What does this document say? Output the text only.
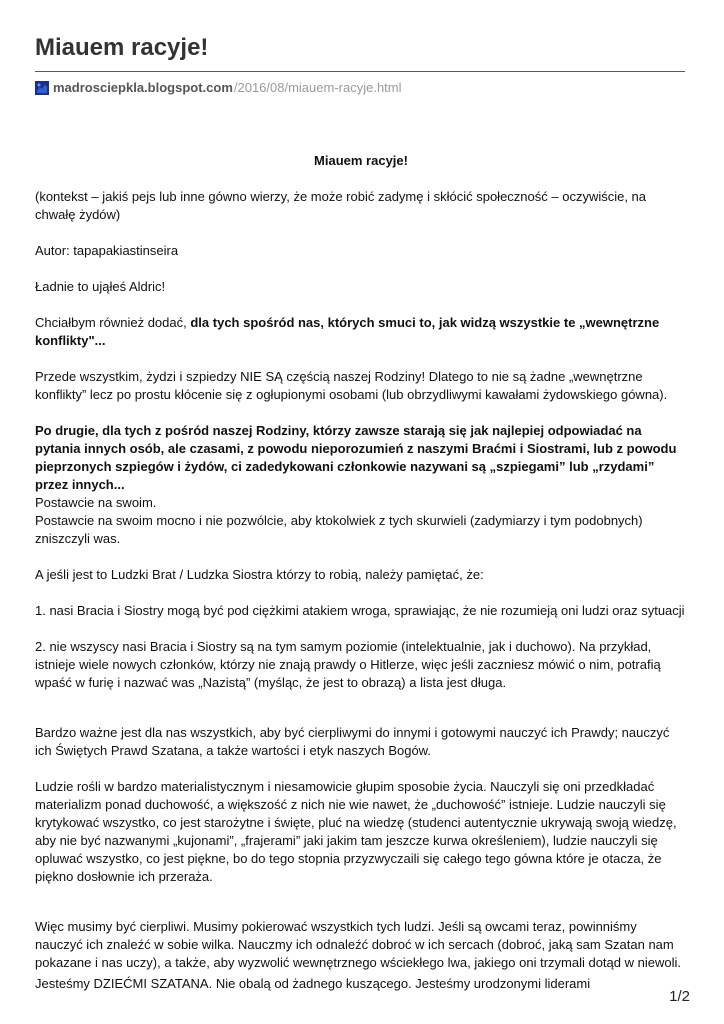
Miauem racyje!
madrosciepkla.blogspot.com /2016/08/miauem-racyje.html

Miauem racyje!

(kontekst – jakiś pejs lub inne gówno wierzy, że może robić zadymę i skłócić społeczność – oczywiście, na chwałę żydów)

Autor: tapapakiastinseira

Ładnie to ująłeś Aldric!

Chciałbym również dodać, dla tych spośród nas, których smuci to, jak widzą wszystkie te „wewnętrzne konflikty"...

Przede wszystkim, żydzi i szpiedzy NIE SĄ częścią naszej Rodziny! Dlatego to nie są żadne „wewnętrzne konflikty” lecz po prostu kłócenie się z ogłupionymi osobami (lub obrzydliwymi kawałami żydowskiego gówna).

Po drugie, dla tych z pośród naszej Rodziny, którzy zawsze starają się jak najlepiej odpowiadać na pytania innych osób, ale czasami, z powodu nieporozumień z naszymi Braćmi i Siostrami, lub z powodu pieprzonych szpiegów i żydów, ci zadedykowani członkowie nazywani są „szpiegami” lub „rzydami” przez innych...

Postawcie na swoim.

Postawcie na swoim mocno i nie pozwólcie, aby ktokolwiek z tych skurwieli (zadymiarzy i tym podobnych) zniszczyli was.

A jeśli jest to Ludzki Brat / Ludzka Siostra którzy to robią, należy pamiętać, że:

1. nasi Bracia i Siostry mogą być pod ciężkimi atakiem wroga, sprawiając, że nie rozumieją oni ludzi oraz sytuacji

2. nie wszyscy nasi Bracia i Siostry są na tym samym poziomie (intelektualnie, jak i duchowo). Na przykład, istnieje wiele nowych członków, którzy nie znają prawdy o Hitlerze, więc jeśli zaczniesz mówić o nim, potrafią wpaść w furię i nazwać was „Nazistą” (myśląc, że jest to obrazą) a lista jest długa.

Bardzo ważne jest dla nas wszystkich, aby być cierpliwymi do innymi i gotowymi nauczyć ich Prawdy; nauczyć ich Świętych Prawd Szatana, a także wartości i etyk naszych Bogów.

Ludzie rośli w bardzo materialistycznym i niesamowicie głupim sposobie życia. Nauczyli się oni przedkładać materializm ponad duchowość, a większość z nich nie wie nawet, że „duchowość” istnieje. Ludzie nauczyli się krytykować wszystko, co jest starożytne i święte, pluć na wiedzę (studenci autentycznie ukrywają swoją wiedzę, aby nie być nazwanymi „kujonami”, „frajerami” jaki jakim tam jeszcze kurwa określeniem), ludzie nauczyli się opluwać wszystko, co jest piękne, bo do tego stopnia przyzwyczaili się całego tego gówna które je otacza, że piękno dosłownie ich przeraża.

Więc musimy być cierpliwi. Musimy pokierować wszystkich tych ludzi. Jeśli są owcami teraz, powinniśmy nauczyć ich znaleźć w sobie wilka. Nauczmy ich odnaleźć dobroć w ich sercach (dobroć, jaką sam Szatan nam pokazane i nas uczy), a także, aby wyzwolić wewnętrznego wściekłego lwa, jakiego oni trzymali dotąd w niewoli.

Jesteśmy DZIEĆMI SZATANA. Nie obalą od żadnego kuszącego. Jesteśmy urodzonymi liderami
1/2
